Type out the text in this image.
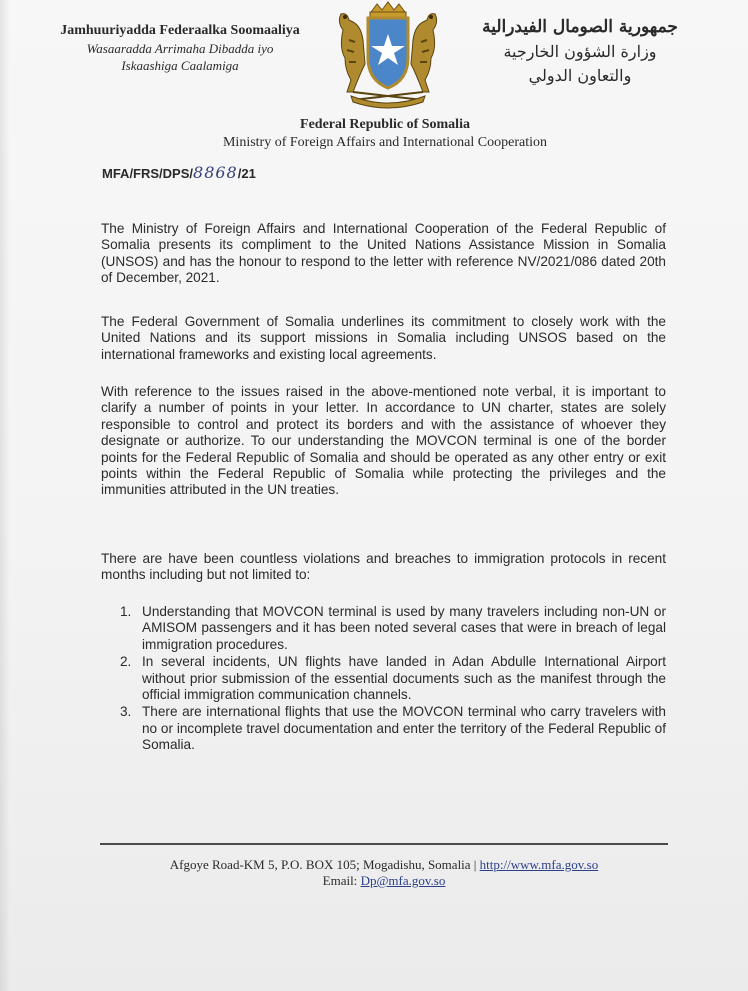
Jamhuuriyadda Federaalka Soomaaliya
Wasaaradda Arrimaha Dibadda iyo
Iskaashiga Caalamiga
جمهورية الصومال الفيدرالية
وزارة الشؤون الخارجية
والتعاون الدولي
Federal Republic of Somalia
Ministry of Foreign Affairs and International Cooperation
MFA/FRS/DPS/8868/21

The Ministry of Foreign Affairs and International Cooperation of the Federal Republic of Somalia presents its compliment to the United Nations Assistance Mission in Somalia (UNSOS) and has the honour to respond to the letter with reference NV/2021/086 dated 20th of December, 2021.

The Federal Government of Somalia underlines its commitment to closely work with the United Nations and its support missions in Somalia including UNSOS based on the international frameworks and existing local agreements.

With reference to the issues raised in the above-mentioned note verbal, it is important to clarify a number of points in your letter. In accordance to UN charter, states are solely responsible to control and protect its borders and with the assistance of whoever they designate or authorize. To our understanding the MOVCON terminal is one of the border points for the Federal Republic of Somalia and should be operated as any other entry or exit points within the Federal Republic of Somalia while protecting the privileges and the immunities attributed in the UN treaties.

There are have been countless violations and breaches to immigration protocols in recent months including but not limited to:

1. Understanding that MOVCON terminal is used by many travelers including non-UN or AMISOM passengers and it has been noted several cases that were in breach of legal immigration procedures.
2. In several incidents, UN flights have landed in Adan Abdulle International Airport without prior submission of the essential documents such as the manifest through the official immigration communication channels.
3. There are international flights that use the MOVCON terminal who carry travelers with no or incomplete travel documentation and enter the territory of the Federal Republic of Somalia.
Afgoye Road-KM 5, P.O. BOX 105; Mogadishu, Somalia | http://www.mfa.gov.so
Email: Dp@mfa.gov.so
